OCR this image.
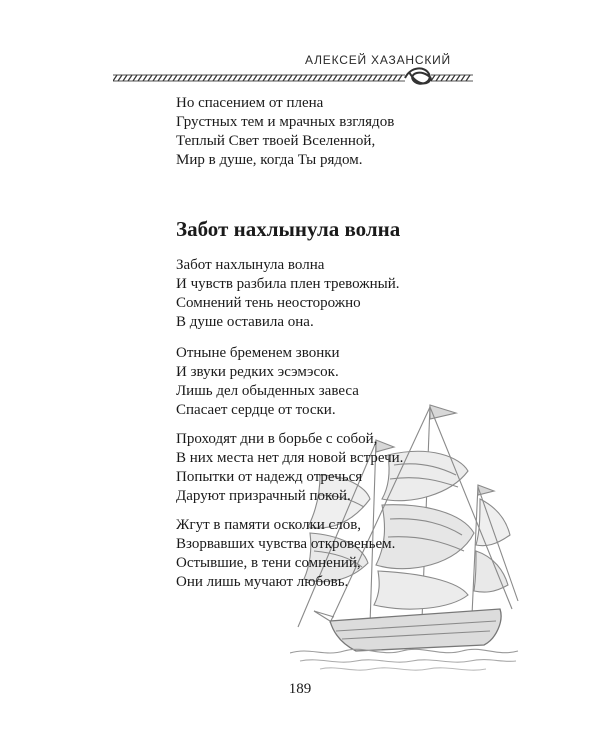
АЛЕКСЕЙ ХАЗАНСКИЙ
Но спасением от плена
Грустных тем и мрачных взглядов
Теплый Свет твоей Вселенной,
Мир в душе, когда Ты рядом.
Забот нахлынула волна
Забот нахлынула волна
И чувств разбила плен тревожный.
Сомнений тень неосторожно
В душе оставила она.
Отныне бременем звонки
И звуки редких эсэмэсок.
Лишь дел обыденных завеса
Спасает сердце от тоски.
Проходят дни в борьбе с собой,
В них места нет для новой встречи.
Попытки от надежд отречься
Даруют призрачный покой.
Жгут в памяти осколки слов,
Взорвавших чувства откровеньем.
Остывшие, в тени сомнений,
Они лишь мучают любовь.
189
